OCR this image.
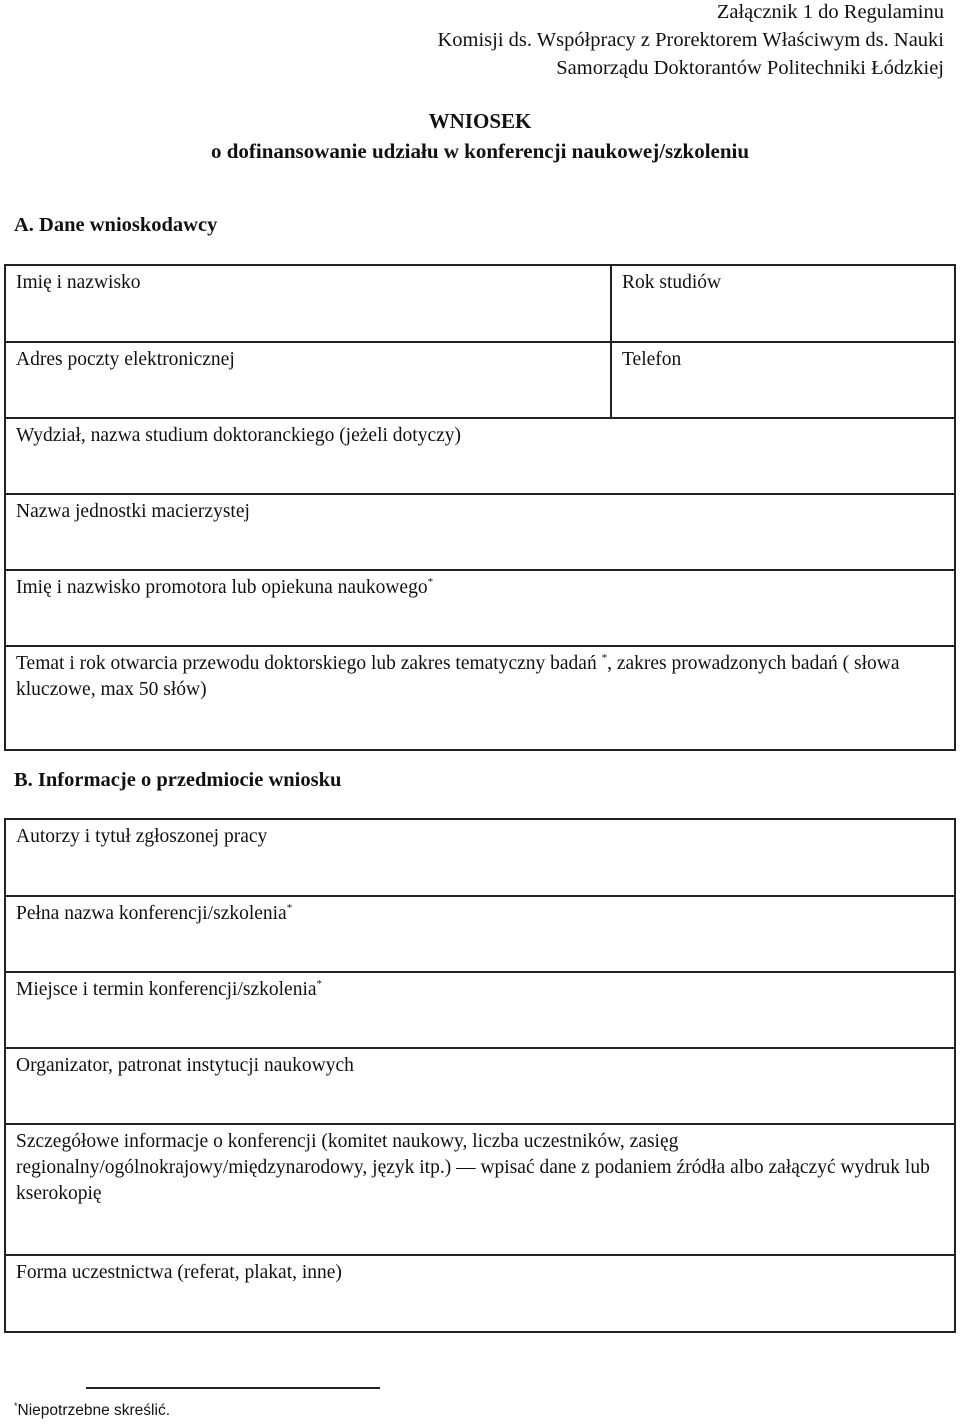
Załącznik 1 do Regulaminu
Komisji ds. Współpracy z Prorektorem Właściwym ds. Nauki
Samorządu Doktorantów Politechniki Łódzkiej
WNIOSEK
o dofinansowanie udziału w konferencji naukowej/szkoleniu
A. Dane wnioskodawcy
Imię i nazwisko	Rok studiów
Adres poczty elektronicznej	Telefon
Wydział, nazwa studium doktoranckiego (jeżeli dotyczy)
Nazwa jednostki macierzystej
Imię i nazwisko promotora lub opiekuna naukowego*
Temat i rok otwarcia przewodu doktorskiego lub zakres tematyczny badań *, zakres prowadzonych badań ( słowa kluczowe, max 50 słów)
B. Informacje o przedmiocie wniosku
Autorzy i tytuł zgłoszonej pracy
Pełna nazwa konferencji/szkolenia*
Miejsce i termin konferencji/szkolenia*
Organizator, patronat instytucji naukowych
Szczegółowe informacje o konferencji (komitet naukowy, liczba uczestników, zasięg regionalny/ogólnokrajowy/międzynarodowy, język itp.) — wpisać dane z podaniem źródła albo załączyć wydruk lub kserokopię
Forma uczestnictwa (referat, plakat, inne)
*Niepotrzebne skreślić.
